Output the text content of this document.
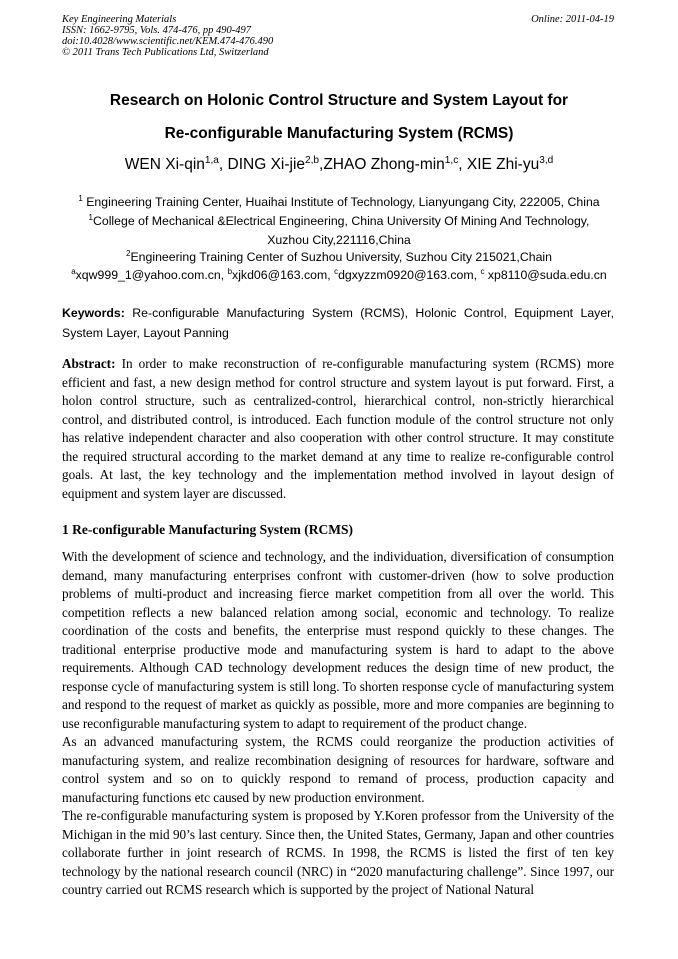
Key Engineering Materials
ISSN: 1662-9795, Vols. 474-476, pp 490-497
doi:10.4028/www.scientific.net/KEM.474-476.490
© 2011 Trans Tech Publications Ltd, Switzerland
Online: 2011-04-19
Research on Holonic Control Structure and System Layout for
Re-configurable Manufacturing System (RCMS)
WEN Xi-qin$^{1,a}$, DING Xi-jie$^{2,b}$,ZHAO Zhong-$\min^{1,c}$, XIE Zhi-yu$^{3,d}$
$^1$ Engineering Training Center, Huaihai Institute of Technology, Lianyungang City, 222005, China
$^1$College of Mechanical &Electrical Engineering, China University Of Mining And Technology,
Xuzhou City,221116,China
$^2$Engineering Training Center of Suzhou University, Suzhou City 215021,Chain
$^a$xqw999_1@yahoo.com.cn, $^b$xjkd06@163.com, $^c$dgxyzzm0920@163.com, $^c$ xp8110@suda.edu.cn
Keywords: Re-configurable Manufacturing System (RCMS), Holonic Control, Equipment Layer, System Layer, Layout Panning

Abstract: In order to make reconstruction of re-configurable manufacturing system (RCMS) more efficient and fast, a new design method for control structure and system layout is put forward. First, a holon control structure, such as centralized-control, hierarchical control, non-strictly hierarchical control, and distributed control, is introduced. Each function module of the control structure not only has relative independent character and also cooperation with other control structure. It may constitute the required structural according to the market demand at any time to realize re-configurable control goals. At last, the key technology and the implementation method involved in layout design of equipment and system layer are discussed.

1 Re-configurable Manufacturing System (RCMS)

With the development of science and technology, and the individuation, diversification of consumption demand, many manufacturing enterprises confront with customer-driven (how to solve production problems of multi-product and increasing fierce market competition from all over the world. This competition reflects a new balanced relation among social, economic and technology. To realize coordination of the costs and benefits, the enterprise must respond quickly to these changes. The traditional enterprise productive mode and manufacturing system is hard to adapt to the above requirements. Although CAD technology development reduces the design time of new product, the response cycle of manufacturing system is still long. To shorten response cycle of manufacturing system and respond to the request of market as quickly as possible, more and more companies are beginning to use reconfigurable manufacturing system to adapt to requirement of the product change.

As an advanced manufacturing system, the RCMS could reorganize the production activities of manufacturing system, and realize recombination designing of resources for hardware, software and control system and so on to quickly respond to remand of process, production capacity and manufacturing functions etc caused by new production environment.

The re-configurable manufacturing system is proposed by Y.Koren professor from the University of the Michigan in the mid 90’s last century. Since then, the United States, Germany, Japan and other countries collaborate further in joint research of RCMS. In 1998, the RCMS is listed the first of ten key technology by the national research council (NRC) in “2020 manufacturing challenge”. Since 1997, our country carried out RCMS research which is supported by the project of National Natural
